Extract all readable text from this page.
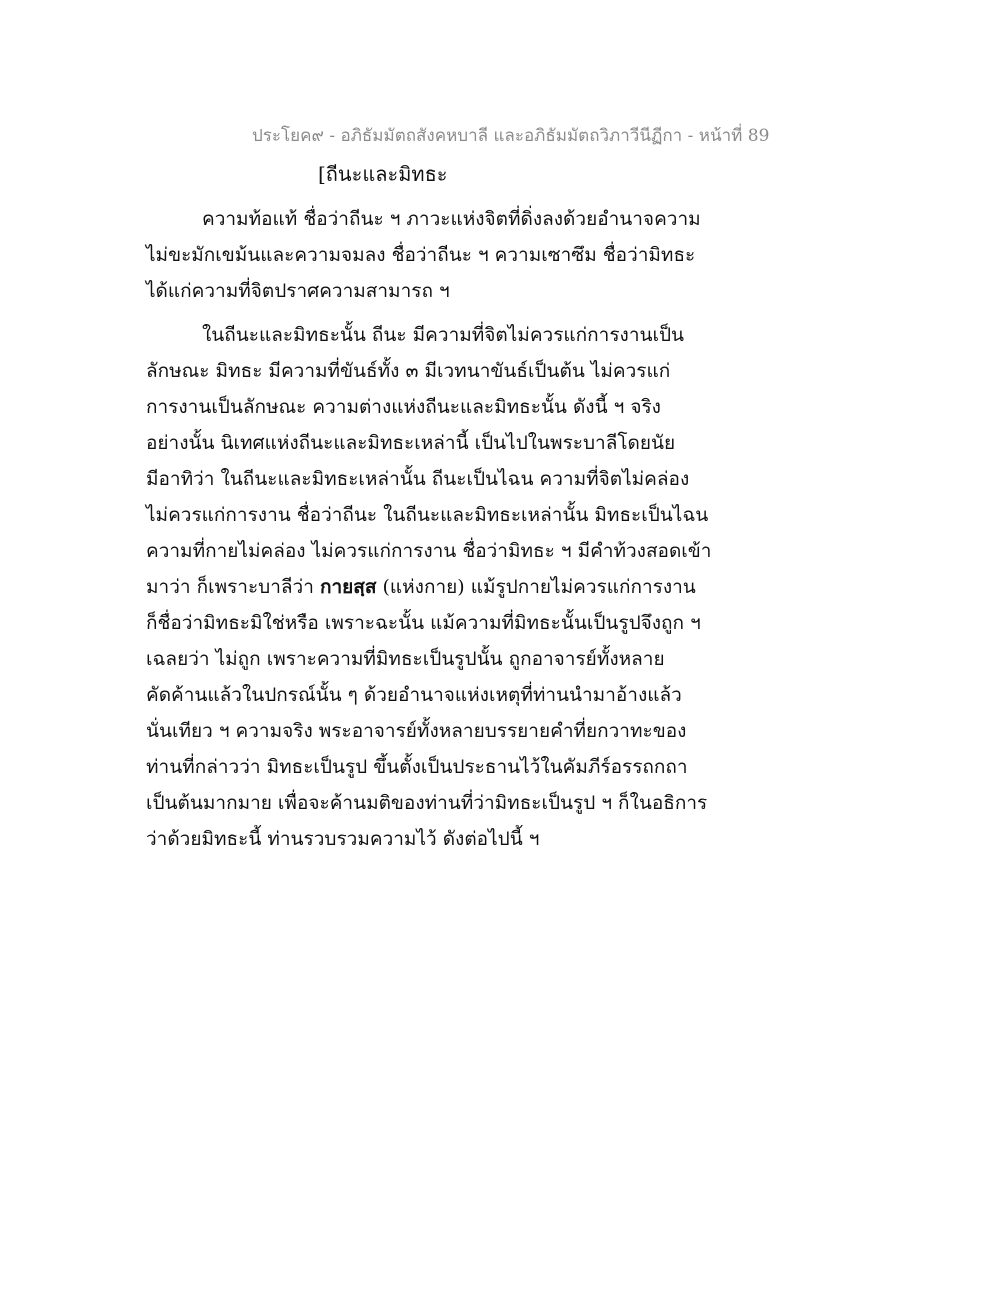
ประโยค๙ - อภิธัมมัตถสังคหบาลี และอภิธัมมัตถวิภาวีนีฏีกา - หน้าที่ 89
[ถีนะและมิทธะ
ความท้อแท้ ชื่อว่าถีนะ ฯ ภาวะแห่งจิตที่ดิ่งลงด้วยอำนาจความ
ไม่ขะมักเขม้นและความจมลง ชื่อว่าถีนะ ฯ ความเซาซึม ชื่อว่ามิทธะ
ได้แก่ความที่จิตปราศความสามารถ ฯ
ในถีนะและมิทธะนั้น ถีนะ มีความที่จิตไม่ควรแก่การงานเป็น
ลักษณะ มิทธะ มีความที่ขันธ์ทั้ง ๓ มีเวทนาขันธ์เป็นต้น ไม่ควรแก่
การงานเป็นลักษณะ ความต่างแห่งถีนะและมิทธะนั้น ดังนี้ ฯ จริง
อย่างนั้น นิเทศแห่งถีนะและมิทธะเหล่านี้ เป็นไปในพระบาลีโดยนัย
มีอาทิว่า ในถีนะและมิทธะเหล่านั้น ถีนะเป็นไฉน ความที่จิตไม่คล่อง
ไม่ควรแก่การงาน ชื่อว่าถีนะ ในถีนะและมิทธะเหล่านั้น มิทธะเป็นไฉน
ความที่กายไม่คล่อง ไม่ควรแก่การงาน ชื่อว่ามิทธะ ฯ มีคำท้วงสอดเข้า
มาว่า ก็เพราะบาลีว่า กายสฺส (แห่งกาย) แม้รูปกายไม่ควรแก่การงาน
ก็ชื่อว่ามิทธะมิใช่หรือ เพราะฉะนั้น แม้ความที่มิทธะนั้นเป็นรูปจึงถูก ฯ
เฉลยว่า ไม่ถูก เพราะความที่มิทธะเป็นรูปนั้น ถูกอาจารย์ทั้งหลาย
คัดค้านแล้วในปกรณ์นั้น ๆ ด้วยอำนาจแห่งเหตุที่ท่านนำมาอ้างแล้ว
นั่นเทียว ฯ ความจริง พระอาจารย์ทั้งหลายบรรยายคำที่ยกวาทะของ
ท่านที่กล่าวว่า มิทธะเป็นรูป ขึ้นตั้งเป็นประธานไว้ในคัมภีร์อรรถกถา
เป็นต้นมากมาย เพื่อจะค้านมติของท่านที่ว่ามิทธะเป็นรูป ฯ ก็ในอธิการ
ว่าด้วยมิทธะนี้ ท่านรวบรวมความไว้ ดังต่อไปนี้ ฯ
